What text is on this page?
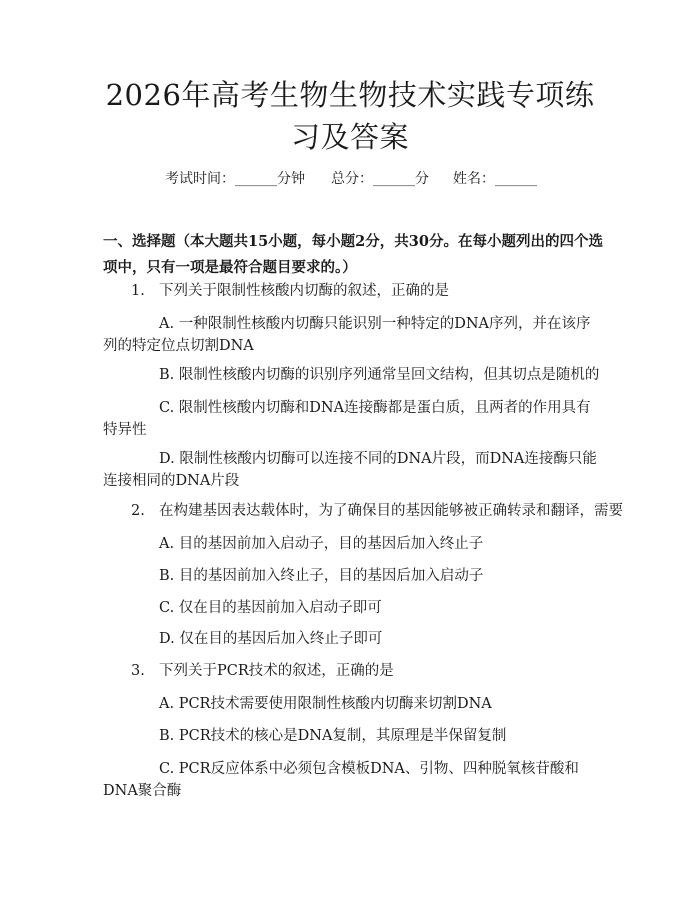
2026年高考生物生物技术实践专项练习及答案
考试时间：______分钟 总分：______分 姓名：______
一、选择题（本大题共15小题，每小题2分，共30分。在每小题列出的四个选项中，只有一项是最符合题目要求的。）
1. 下列关于限制性核酸内切酶的叙述，正确的是
A. 一种限制性核酸内切酶只能识别一种特定的DNA序列，并在该序列的特定位点切割DNA
B. 限制性核酸内切酶的识别序列通常呈回文结构，但其切点是随机的
C. 限制性核酸内切酶和DNA连接酶都是蛋白质，且两者的作用具有特异性
D. 限制性核酸内切酶可以连接不同的DNA片段，而DNA连接酶只能连接相同的DNA片段
2. 在构建基因表达载体时，为了确保目的基因能够被正确转录和翻译，需要
A. 目的基因前加入启动子，目的基因后加入终止子
B. 目的基因前加入终止子，目的基因后加入启动子
C. 仅在目的基因前加入启动子即可
D. 仅在目的基因后加入终止子即可
3. 下列关于PCR技术的叙述，正确的是
A. PCR技术需要使用限制性核酸内切酶来切割DNA
B. PCR技术的核心是DNA复制，其原理是半保留复制
C. PCR反应体系中必须包含模板DNA、引物、四种脱氧核苷酸和DNA聚合酶
